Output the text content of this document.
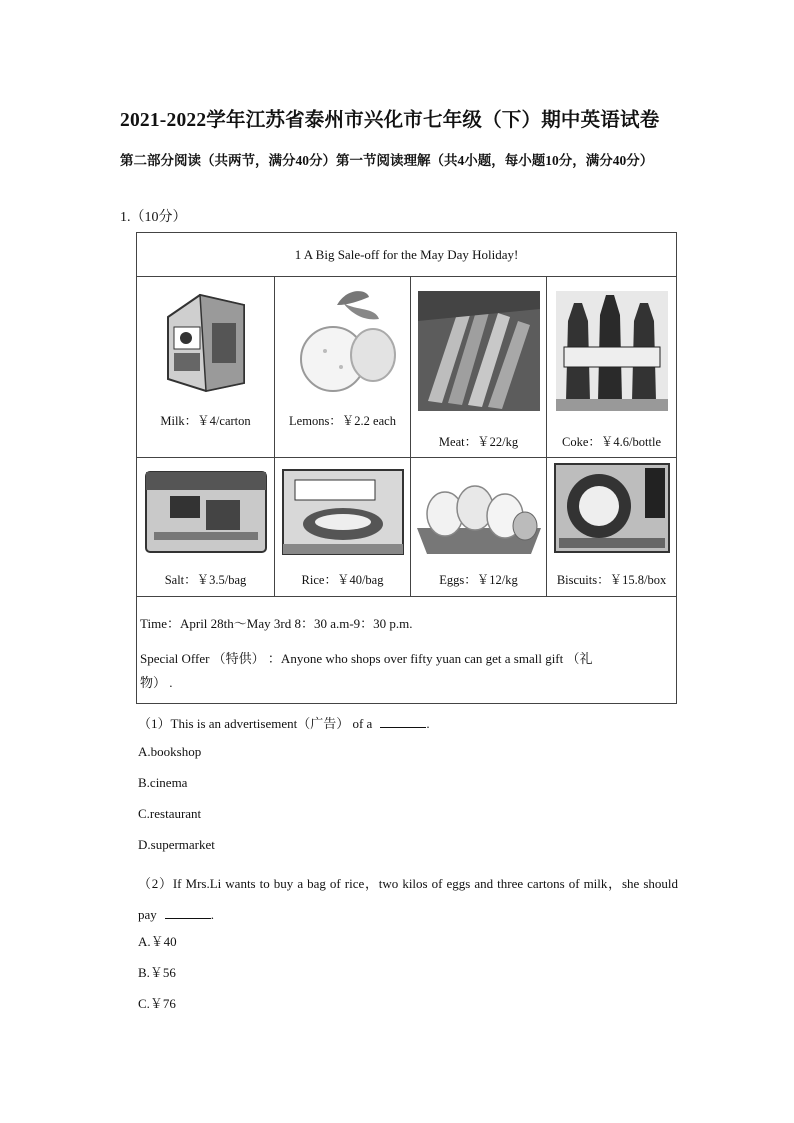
2021-2022学年江苏省泰州市兴化市七年级（下）期中英语试卷
第二部分阅读（共两节，满分40分）第一节阅读理解（共4小题，每小题10分，满分40分）
1.（10分）
1 A Big Sale-off for the May Day Holiday!			

Milk：￥4/carton	Lemons：￥2.2 each	Meat：￥22/kg	Coke：￥4.6/bottle

Salt：￥3.5/bag	Rice：￥40/bag	Eggs：￥12/kg	Biscuits：￥15.8/box

Time：April 28th～May 3rd 8：30 a.m-9：30 p.m.
Special Offer （特供） ：Anyone who shops over fifty yuan can get a small gift （礼
物） .			
（1）This is an advertisement（广告） of a	.
A.bookshop
B.cinema
C.restaurant
D.supermarket
（2）If Mrs.Li wants to buy a bag of rice，two kilos of eggs and three cartons of milk，she should pay	.
A.￥40
B.￥56
C.￥76
